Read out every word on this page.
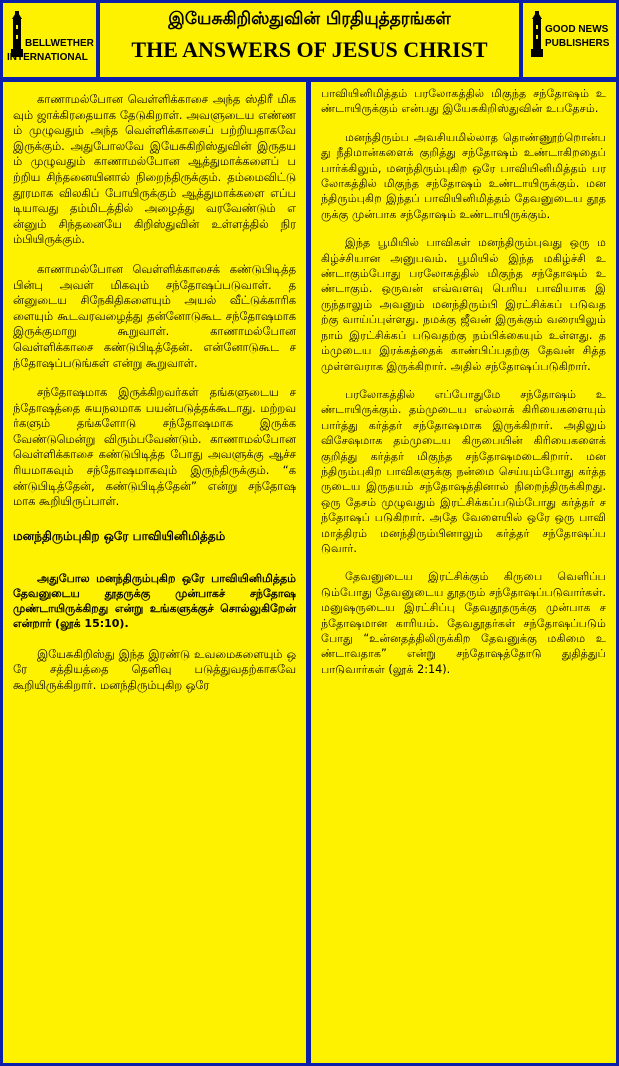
BELLWETHER
INTERNATIONAL
இயேசுகிறிஸ்துவின் பிரதியுத்தரங்கள்
THE ANSWERS OF JESUS CHRIST
GOOD NEWS
PUBLISHERS

காணாமல்போன வெள்ளிக்காசை அந்த ஸ்திரீ மிகவும் ஜாக்கிரதையாக தேடுகிறாள். அவளுடைய எண்ணம் முழுவதும் அந்த வெள்ளிக்காசைப் பற்றியதாகவே இருக்கும். அதுபோலவே இயேசுகிறிஸ்துவின் இருதயம் முழுவதும் காணாமல்போன ஆத்துமாக்களைப் பற்றிய சிந்தனையினால் நிறைந்திருக்கும். தம்மைவிட்டு தூரமாக விலகிப் போயிருக்கும் ஆத்துமாக்களை எப்படியாவது தம்மிடத்தில் அழைத்து வரவேண்டும் என்னும் சிந்தனையே கிறிஸ்துவின் உள்ளத்தில் நிரம்பியிருக்கும்.

காணாமல்போன வெள்ளிக்காசைக் கண்டுபிடித்த பின்பு அவள் மிகவும் சந்தோஷப்படுவாள். தன்னுடைய சிநேகிதிகளையும் அயல் வீட்டுக்காரிகளையும் கூடவரவழைத்து தன்னோடுகூட சந்தோஷமாக இருக்குமாறு கூறுவாள். காணாமல்போன வெள்ளிக்காசை கண்டுபிடித்தேன். என்னோடுகூட சந்தோஷப்படுங்கள் என்று கூறுவாள்.

சந்தோஷமாக இருக்கிறவர்கள் தங்களுடைய சந்தோஷத்தை சுயநலமாக பயன்படுத்தக்கூடாது. மற்றவர்களும் தங்களோடு சந்தோஷமாக இருக்க வேண்டுமென்று விரும்பவேண்டும். காணாமல்போன வெள்ளிக்காசை கண்டுபிடித்த போது அவளுக்கு ஆச்சரியமாகவும் சந்தோஷமாகவும் இருந்திருக்கும். “கண்டுபிடித்தேன், கண்டுபிடித்தேன்” என்று சந்தோஷமாக கூறியிருப்பாள்.

மனந்திரும்புகிற ஒரே பாவியினிமித்தம்

அதுபோல மனந்திரும்புகிற ஒரே பாவியினிமித்தம் தேவனுடைய தூதருக்கு முன்பாகச் சந்தோஷமுண்டாயிருக்கிறது என்று உங்களுக்குச் சொல்லுகிறேன் என்றார் (லூக் 15:10).

இயேசுகிறிஸ்து இந்த இரண்டு உவமைகளையும் ஒரே சத்தியத்தை தெளிவு படுத்துவதற்காகவே கூறியிருக்கிறார். மனந்திரும்புகிற ஒரே

பாவியினிமித்தம் பரலோகத்தில் மிகுந்த சந்தோஷம் உண்டாயிருக்கும் என்பது இயேசுகிறிஸ்துவின் உபதேசம்.

மனந்திரும்ப அவசியமில்லாத தொண்ணூற்றொன்பது நீதிமான்களைக் குறித்து சந்தோஷம் உண்டாகிறதைப் பார்க்கிலும், மனந்திரும்புகிற ஒரே பாவியினிமித்தம் பரலோகத்தில் மிகுந்த சந்தோஷம் உண்டாயிருக்கும். மனந்திரும்புகிற இந்தப் பாவியினிமித்தம் தேவனுடைய தூதருக்கு முன்பாக சந்தோஷம் உண்டாயிருக்கும்.

இந்த பூமியில் பாவிகள் மனந்திரும்புவது ஒரு மகிழ்ச்சியான அனுபவம். பூமியில் இந்த மகிழ்ச்சி உண்டாகும்போது பரலோகத்தில் மிகுந்த சந்தோஷம் உண்டாகும். ஒருவன் எவ்வளவு பெரிய பாவியாக இருந்தாலும் அவனும் மனந்திரும்பி இரட்சிக்கப் படுவதற்கு வாய்ப்புள்ளது. நமக்கு ஜீவன் இருக்கும் வரையிலும் நாம் இரட்சிக்கப் படுவதற்கு நம்பிக்கையும் உள்ளது. தம்முடைய இரக்கத்தைக் காண்பிப்பதற்கு தேவன் சித்தமுள்ளவராக இருக்கிறார். அதில் சந்தோஷப்படுகிறார்.

பரலோகத்தில் எப்போதுமே சந்தோஷம் உண்டாயிருக்கும். தம்முடைய எல்லாக் கிரியைகளையும் பார்த்து கர்த்தர் சந்தோஷமாக இருக்கிறார். அதிலும் விசேஷமாக தம்முடைய கிருபையின் கிரியைகளைக் குறித்து கர்த்தர் மிகுந்த சந்தோஷமடைகிறார். மனந்திரும்புகிற பாவிகளுக்கு நன்மை செய்யும்போது கர்த்தருடைய இருதயம் சந்தோஷத்தினால் நிறைந்திருக்கிறது. ஒரு தேசம் முழுவதும் இரட்சிக்கப்படும்போது கர்த்தர் சந்தோஷப் படுகிறார். அதே வேளையில் ஒரே ஒரு பாவி மாத்திரம் மனந்திரும்பினாலும் கர்த்தர் சந்தோஷப்படுவார்.

தேவனுடைய இரட்சிக்கும் கிருபை வெளிப்படும்போது தேவனுடைய தூதரும் சந்தோஷப்படுவார்கள். மனுஷருடைய இரட்சிப்பு தேவதூதருக்கு முன்பாக சந்தோஷமான காரியம். தேவதூதர்கள் சந்தோஷப்படும் போது “உன்னதத்திலிருக்கிற தேவனுக்கு மகிமை உண்டாவதாக” என்று சந்தோஷத்தோடு துதித்துப் பாடுவார்கள் (லூக் 2:14).
